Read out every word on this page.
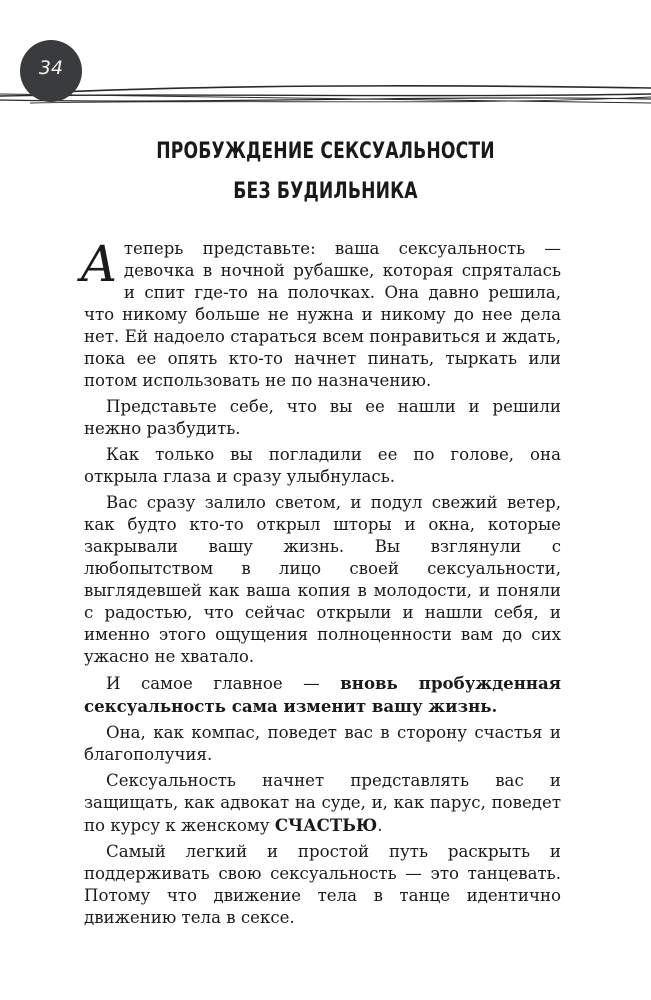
34
ПРОБУЖДЕНИЕ СЕКСУАЛЬНОСТИ
БЕЗ БУДИЛЬНИКА

Атеперь представьте: ваша сексуальность — девочка в ночной рубашке, которая спряталась и спит где-то на полочках. Она давно решила, что никому больше не нужна и никому до нее дела нет. Ей надоело стараться всем понравиться и ждать, пока ее опять кто-то начнет пинать, тыркать или потом использовать не по назначению.

Представьте себе, что вы ее нашли и решили нежно разбудить.

Как только вы погладили ее по голове, она открыла глаза и сразу улыбнулась.

Вас сразу залило светом, и подул свежий ветер, как будто кто-то открыл шторы и окна, которые закрывали вашу жизнь. Вы взглянули с любопытством в лицо своей сексуальности, выглядевшей как ваша копия в молодости, и поняли с радостью, что сейчас открыли и нашли себя, и именно этого ощущения полноценности вам до сих ужасно не хватало.

И самое главное — вновь пробужденная сексуальность сама изменит вашу жизнь.

Она, как компас, поведет вас в сторону счастья и благополучия.

Сексуальность начнет представлять вас и защищать, как адвокат на суде, и, как парус, поведет по курсу к женскому СЧАСТЬЮ.

Самый легкий и простой путь раскрыть и поддерживать свою сексуальность — это танцевать. Потому что движение тела в танце идентично движению тела в сексе.
